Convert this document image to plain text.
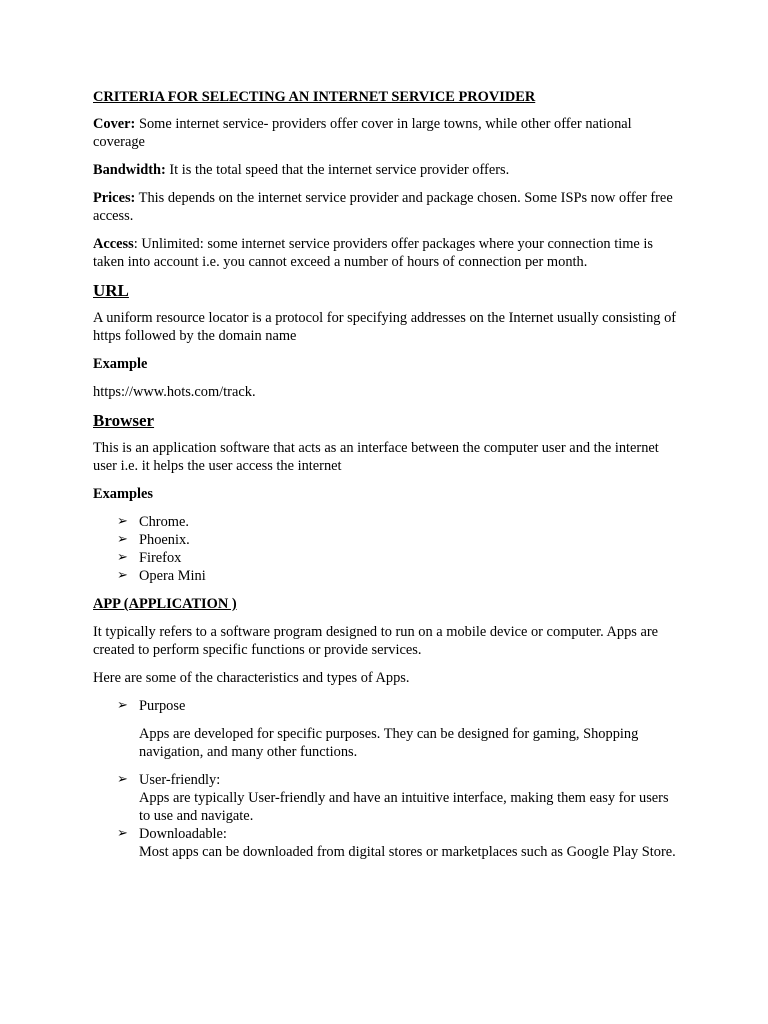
CRITERIA FOR SELECTING AN INTERNET SERVICE PROVIDER

Cover: Some internet service- providers offer cover in large towns, while other offer national coverage

Bandwidth: It is the total speed that the internet service provider offers.

Prices: This depends on the internet service provider and package chosen. Some ISPs now offer free access.

Access: Unlimited: some internet service providers offer packages where your connection time is taken into account i.e. you cannot exceed a number of hours of connection per month.

URL

A uniform resource locator is a protocol for specifying addresses on the Internet usually consisting of https followed by the domain name

Example

https://www.hots.com/track.

Browser

This is an application software that acts as an interface between the computer user and the internet user i.e. it helps the user access the internet

Examples

➢ Chrome.
➢ Phoenix.
➢ Firefox
➢ Opera Mini

APP (APPLICATION )

It typically refers to a software program designed to run on a mobile device or computer. Apps are created to perform specific functions or provide services.

Here are some of the characteristics and types of Apps.

➢ Purpose
Apps are developed for specific purposes. They can be designed for gaming, Shopping navigation, and many other functions.
➢ User-friendly:
Apps are typically User-friendly and have an intuitive interface, making them easy for users to use and navigate.
➢ Downloadable:
Most apps can be downloaded from digital stores or marketplaces such as Google Play Store.
